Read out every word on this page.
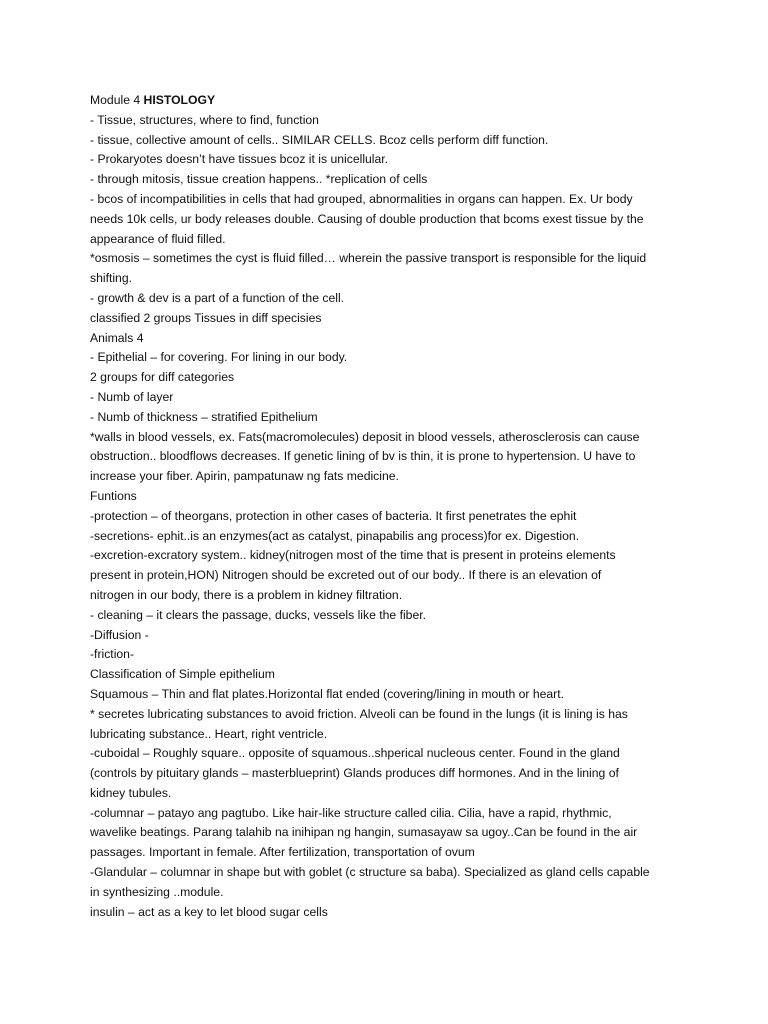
Module 4 HISTOLOGY
- Tissue, structures, where to find, function
- tissue, collective amount of cells.. SIMILAR CELLS. Bcoz cells perform diff function.
- Prokaryotes doesn’t have tissues bcoz it is unicellular.
- through mitosis, tissue creation happens.. *replication of cells
- bcos of incompatibilities in cells that had grouped, abnormalities in organs can happen. Ex. Ur body
needs 10k cells, ur body releases double. Causing of double production that bcoms exest tissue by the
appearance of fluid filled.
*osmosis – sometimes the cyst is fluid filled… wherein the passive transport is responsible for the liquid
shifting.
- growth & dev is a part of a function of the cell.
classified 2 groups Tissues in diff specisies
Animals 4
- Epithelial – for covering. For lining in our body.
2 groups for diff categories
- Numb of layer
- Numb of thickness – stratified Epithelium
*walls in blood vessels, ex. Fats(macromolecules) deposit in blood vessels, atherosclerosis can cause
obstruction.. bloodflows decreases. If genetic lining of bv is thin, it is prone to hypertension. U have to
increase your fiber. Apirin, pampatunaw ng fats medicine.
Funtions
-protection – of theorgans, protection in other cases of bacteria. It first penetrates the ephit
-secretions- ephit..is an enzymes(act as catalyst, pinapabilis ang process)for ex. Digestion.
-excretion-excratory system.. kidney(nitrogen most of the time that is present in proteins elements
present in protein,HON) Nitrogen should be excreted out of our body.. If there is an elevation of
nitrogen in our body, there is a problem in kidney filtration.
- cleaning – it clears the passage, ducks, vessels like the fiber.
-Diffusion -
-friction-
Classification of Simple epithelium
Squamous – Thin and flat plates.Horizontal flat ended (covering/lining in mouth or heart.
* secretes lubricating substances to avoid friction. Alveoli can be found in the lungs (it is lining is has
lubricating substance.. Heart, right ventricle.
-cuboidal – Roughly square.. opposite of squamous..shperical nucleous center. Found in the gland
(controls by pituitary glands – masterblueprint) Glands produces diff hormones. And in the lining of
kidney tubules.
-columnar – patayo ang pagtubo. Like hair-like structure called cilia. Cilia, have a rapid, rhythmic,
wavelike beatings. Parang talahib na inihipan ng hangin, sumasayaw sa ugoy..Can be found in the air
passages. Important in female. After fertilization, transportation of ovum
-Glandular – columnar in shape but with goblet (c structure sa baba). Specialized as gland cells capable
in synthesizing ..module.
insulin – act as a key to let blood sugar cells
